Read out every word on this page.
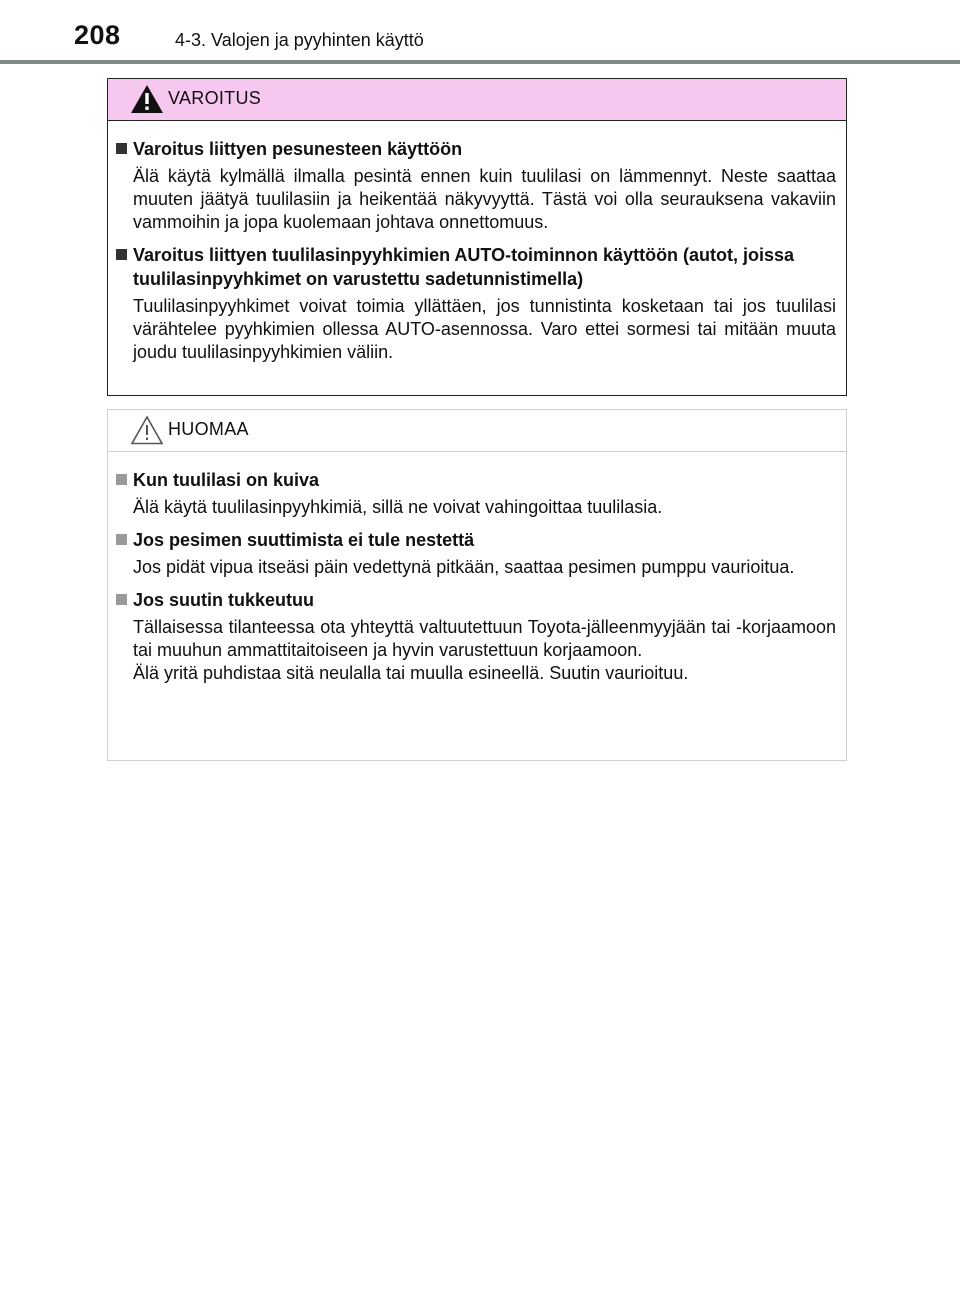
208	4-3. Valojen ja pyyhinten käyttö
VAROITUS
Varoitus liittyen pesunesteen käyttöön
Älä käytä kylmällä ilmalla pesintä ennen kuin tuulilasi on lämmennyt. Neste saattaa muuten jäätyä tuulilasiin ja heikentää näkyvyyttä. Tästä voi olla seurauksena vakaviin vammoihin ja jopa kuolemaan johtava onnettomuus.
Varoitus liittyen tuulilasinpyyhkimien AUTO-toiminnon käyttöön (autot, joissa tuulilasinpyyhkimet on varustettu sadetunnistimella)
Tuulilasinpyyhkimet voivat toimia yllättäen, jos tunnistinta kosketaan tai jos tuulilasi värähtelee pyyhkimien ollessa AUTO-asennossa. Varo ettei sormesi tai mitään muuta joudu tuulilasinpyyhkimien väliin.
HUOMAA
Kun tuulilasi on kuiva
Älä käytä tuulilasinpyyhkimiä, sillä ne voivat vahingoittaa tuulilasia.
Jos pesimen suuttimista ei tule nestettä
Jos pidät vipua itseäsi päin vedettynä pitkään, saattaa pesimen pumppu vaurioitua.
Jos suutin tukkeutuu
Tällaisessa tilanteessa ota yhteyttä valtuutettuun Toyota-jälleenmyyjään tai -korjaamoon tai muuhun ammattitaitoiseen ja hyvin varustettuun korjaamoon.
Älä yritä puhdistaa sitä neulalla tai muulla esineellä. Suutin vaurioituu.
